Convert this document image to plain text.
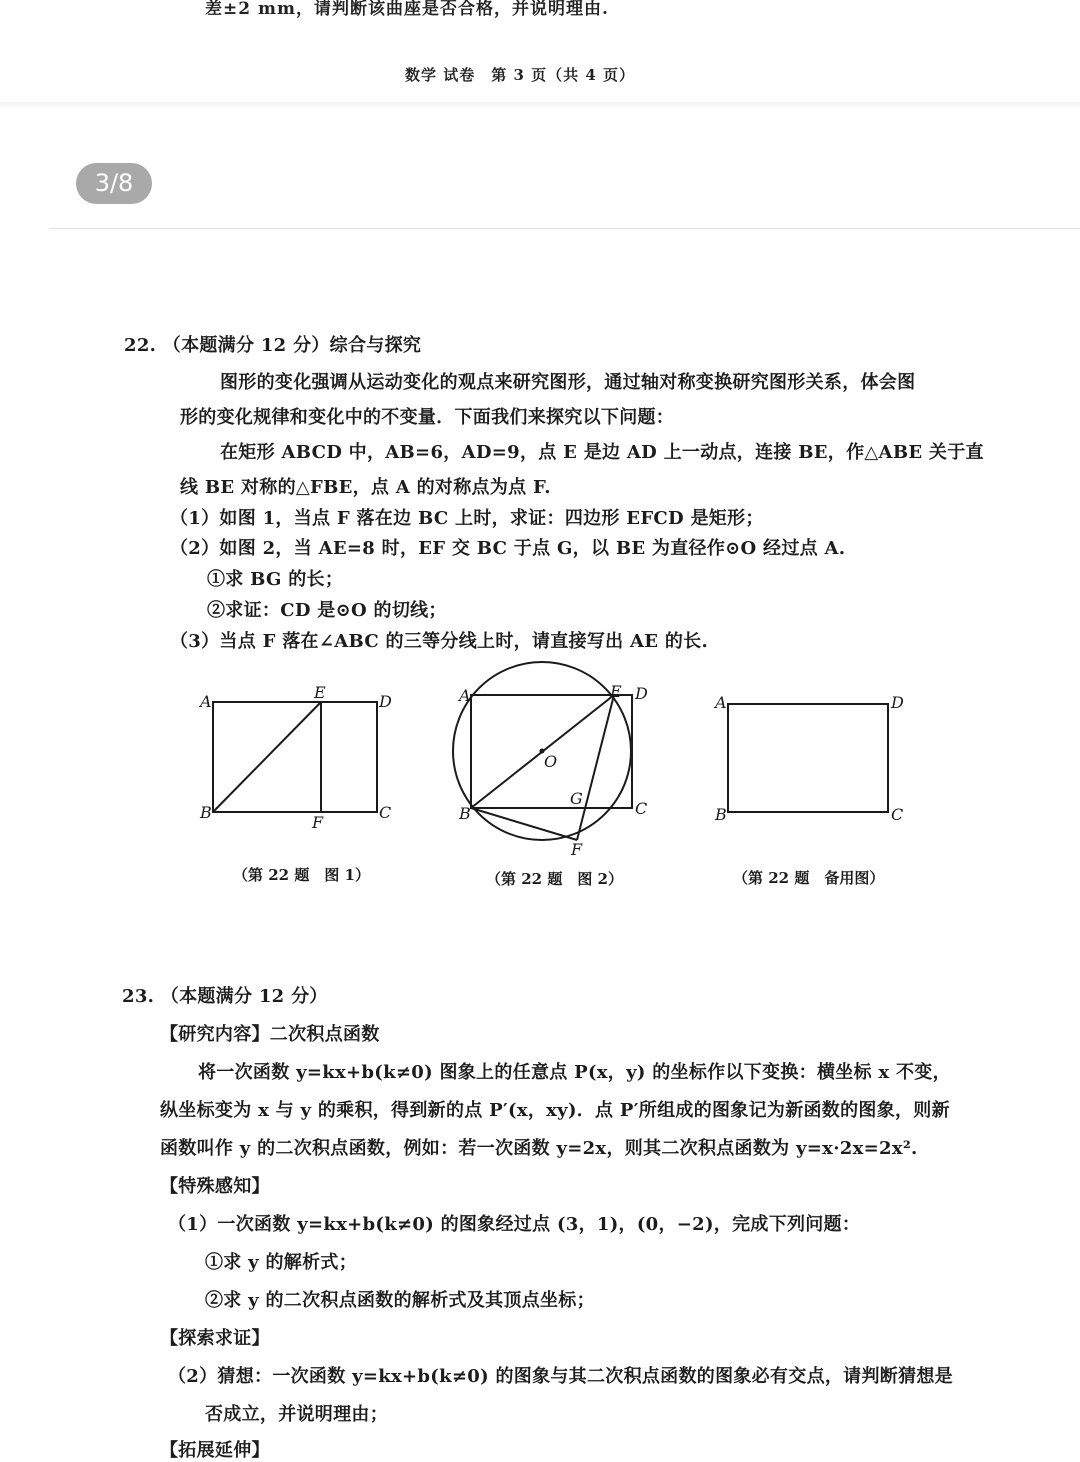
差±2 mm，请判断该曲座是否合格，并说明理由.
数学 试卷　第 3 页（共 4 页）
3/8
22. （本题满分 12 分）综合与探究
图形的变化强调从运动变化的观点来研究图形，通过轴对称变换研究图形关系，体会图
形的变化规律和变化中的不变量．下面我们来探究以下问题：
在矩形 ABCD 中，AB=6，AD=9，点 E 是边 AD 上一动点，连接 BE，作△ABE 关于直
线 BE 对称的△FBE，点 A 的对称点为点 F.
（1）如图 1，当点 F 落在边 BC 上时，求证：四边形 EFCD 是矩形；
（2）如图 2，当 AE=8 时，EF 交 BC 于点 G，以 BE 为直径作⊙O 经过点 A.
①求 BG 的长；
②求证：CD 是⊙O 的切线；
（3）当点 F 落在∠ABC 的三等分线上时，请直接写出 AE 的长.
A	E	D
B
F
C
A	E D
O
G
B	C
F
A	D
B	C
（第 22 题　图 1）	（第 22 题　图 2）	（第 22 题　备用图）
23. （本题满分 12 分）
【研究内容】二次积点函数
将一次函数 y=kx+b(k≠0) 图象上的任意点 P(x，y) 的坐标作以下变换：横坐标 x 不变，
纵坐标变为 x 与 y 的乘积，得到新的点 P′(x，xy)．点 P′所组成的图象记为新函数的图象，则新
函数叫作 y 的二次积点函数，例如：若一次函数 y=2x，则其二次积点函数为 y=x·2x=2x².
【特殊感知】
（1）一次函数 y=kx+b(k≠0) 的图象经过点 (3，1)，(0，−2)，完成下列问题：
①求 y 的解析式；
②求 y 的二次积点函数的解析式及其顶点坐标；
【探索求证】
（2）猜想：一次函数 y=kx+b(k≠0) 的图象与其二次积点函数的图象必有交点，请判断猜想是
否成立，并说明理由；
【拓展延伸】
